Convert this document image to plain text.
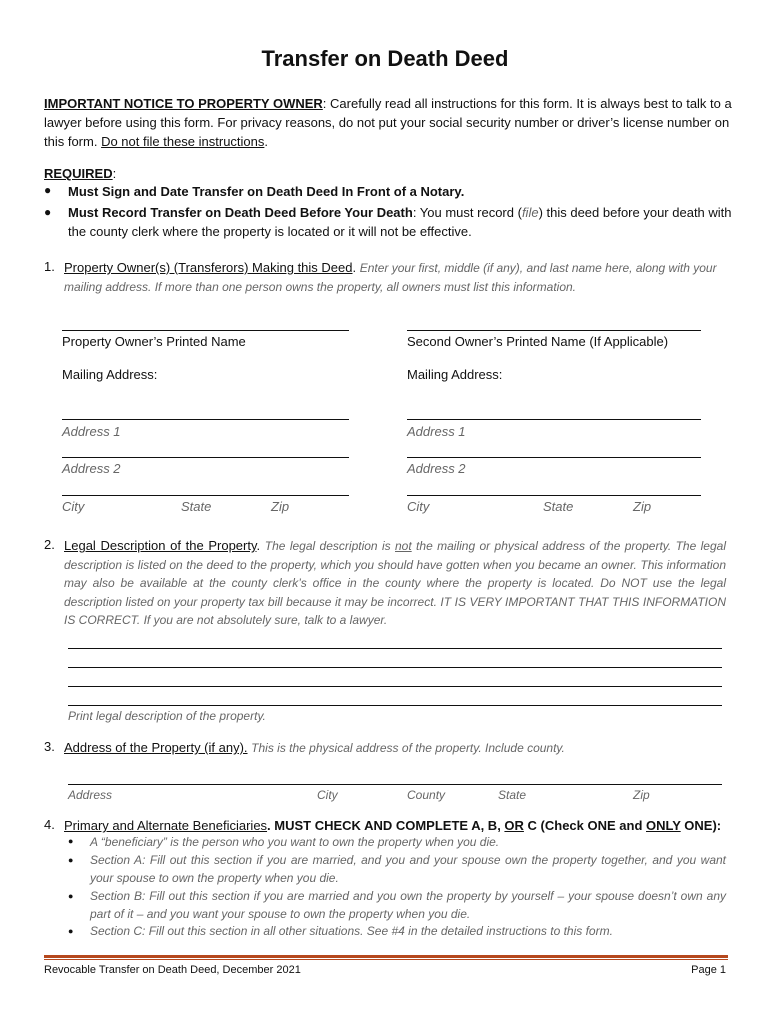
Transfer on Death Deed
IMPORTANT NOTICE TO PROPERTY OWNER: Carefully read all instructions for this form. It is always best to talk to a lawyer before using this form. For privacy reasons, do not put your social security number or driver’s license number on this form. Do not file these instructions.
REQUIRED:
● Must Sign and Date Transfer on Death Deed In Front of a Notary.
● Must Record Transfer on Death Deed Before Your Death: You must record (file) this deed before your death with the county clerk where the property is located or it will not be effective.
1. Property Owner(s) (Transferors) Making this Deed. Enter your first, middle (if any), and last name here, along with your mailing address. If more than one person owns the property, all owners must list this information.
Property Owner’s Printed Name	Second Owner’s Printed Name (If Applicable)
Mailing Address:	Mailing Address:
Address 1	Address 1
Address 2	Address 2
City	State	Zip	City	State	Zip
2. Legal Description of the Property. The legal description is not the mailing or physical address of the property. The legal description is listed on the deed to the property, which you should have gotten when you became an owner. This information may also be available at the county clerk’s office in the county where the property is located. Do NOT use the legal description listed on your property tax bill because it may be incorrect. IT IS VERY IMPORTANT THAT THIS INFORMATION IS CORRECT. If you are not absolutely sure, talk to a lawyer.
Print legal description of the property.
3. Address of the Property (if any). This is the physical address of the property. Include county.
Address	City	County	State	Zip
4. Primary and Alternate Beneficiaries. MUST CHECK AND COMPLETE A, B, OR C (Check ONE and ONLY ONE):
● A “beneficiary” is the person who you want to own the property when you die.
● Section A: Fill out this section if you are married, and you and your spouse own the property together, and you want your spouse to own the property when you die.
● Section B: Fill out this section if you are married and you own the property by yourself – your spouse doesn’t own any part of it – and you want your spouse to own the property when you die.
● Section C: Fill out this section in all other situations. See #4 in the detailed instructions to this form.
Revocable Transfer on Death Deed, December 2021	Page 1
